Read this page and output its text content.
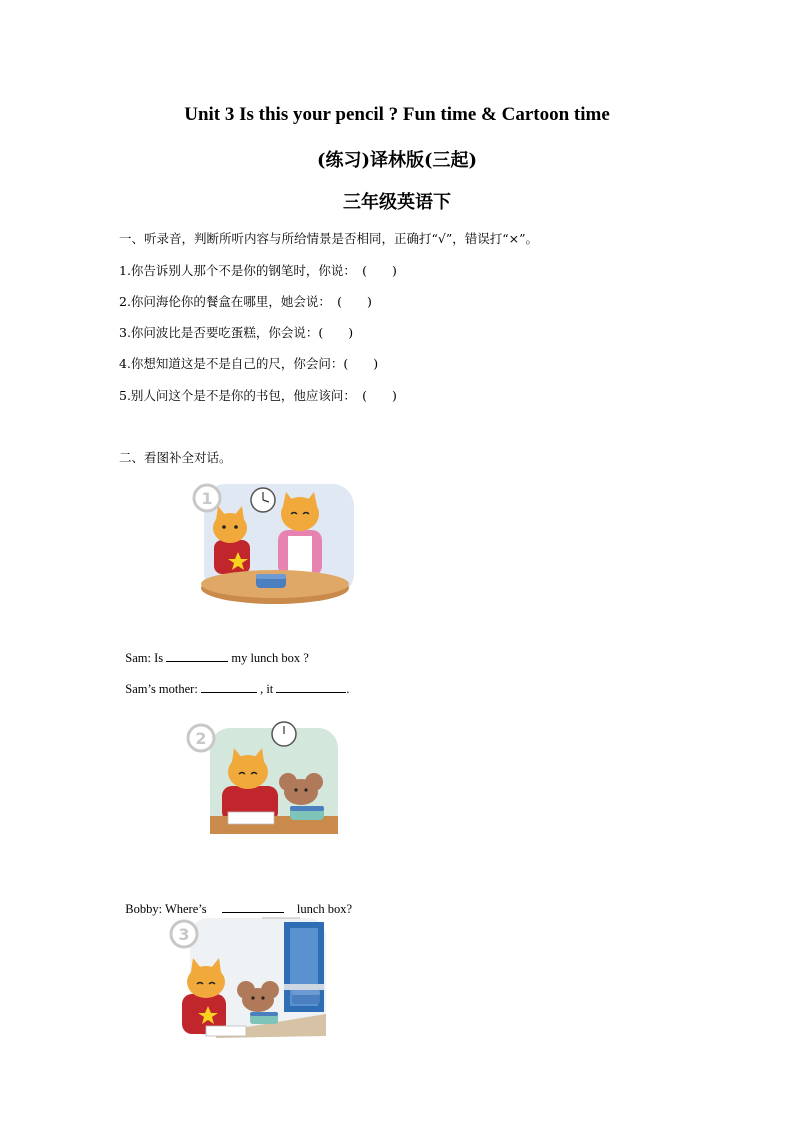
Unit 3 Is this your pencil ? Fun time & Cartoon time
(练习)译林版(三起)
三年级英语下
一、听录音，判断所听内容与所给情景是否相同，正确打“√”，错误打“×”。
1.你告诉别人那个不是你的钢笔时，你说：　(　　)
2.你问海伦你的餐盒在哪里，她会说：　(　　)
3.你问波比是否要吃蛋糕，你会说：(　　)
4.你想知道这是不是自己的尺，你会问：(　　)
5.别人问这个是不是你的书包，他应该问：　(　　)
二、看图补全对话。
1

Sam: Is	my lunch box ?

Sam’s mother:	, it	.

2

Bobby: Where’s	lunch box?

3
